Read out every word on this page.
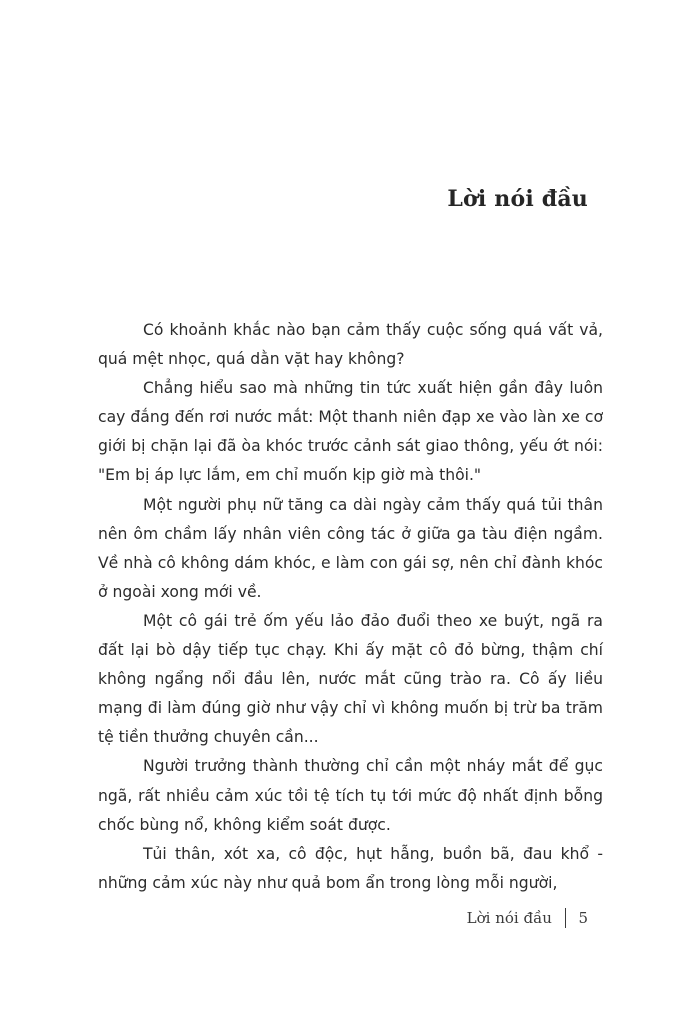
Lời nói đầu

Có khoảnh khắc nào bạn cảm thấy cuộc sống quá vất vả, quá mệt nhọc, quá dằn vặt hay không?

Chẳng hiểu sao mà những tin tức xuất hiện gần đây luôn cay đắng đến rơi nước mắt: Một thanh niên đạp xe vào làn xe cơ giới bị chặn lại đã òa khóc trước cảnh sát giao thông, yếu ớt nói: "Em bị áp lực lắm, em chỉ muốn kịp giờ mà thôi."

Một người phụ nữ tăng ca dài ngày cảm thấy quá tủi thân nên ôm chầm lấy nhân viên công tác ở giữa ga tàu điện ngầm. Về nhà cô không dám khóc, e làm con gái sợ, nên chỉ đành khóc ở ngoài xong mới về.

Một cô gái trẻ ốm yếu lảo đảo đuổi theo xe buýt, ngã ra đất lại bò dậy tiếp tục chạy. Khi ấy mặt cô đỏ bừng, thậm chí không ngẩng nổi đầu lên, nước mắt cũng trào ra. Cô ấy liều mạng đi làm đúng giờ như vậy chỉ vì không muốn bị trừ ba trăm tệ tiền thưởng chuyên cần...

Người trưởng thành thường chỉ cần một nháy mắt để gục ngã, rất nhiều cảm xúc tồi tệ tích tụ tới mức độ nhất định bỗng chốc bùng nổ, không kiểm soát được.

Tủi thân, xót xa, cô độc, hụt hẫng, buồn bã, đau khổ - những cảm xúc này như quả bom ẩn trong lòng mỗi người,

Lời nói đầu 5
